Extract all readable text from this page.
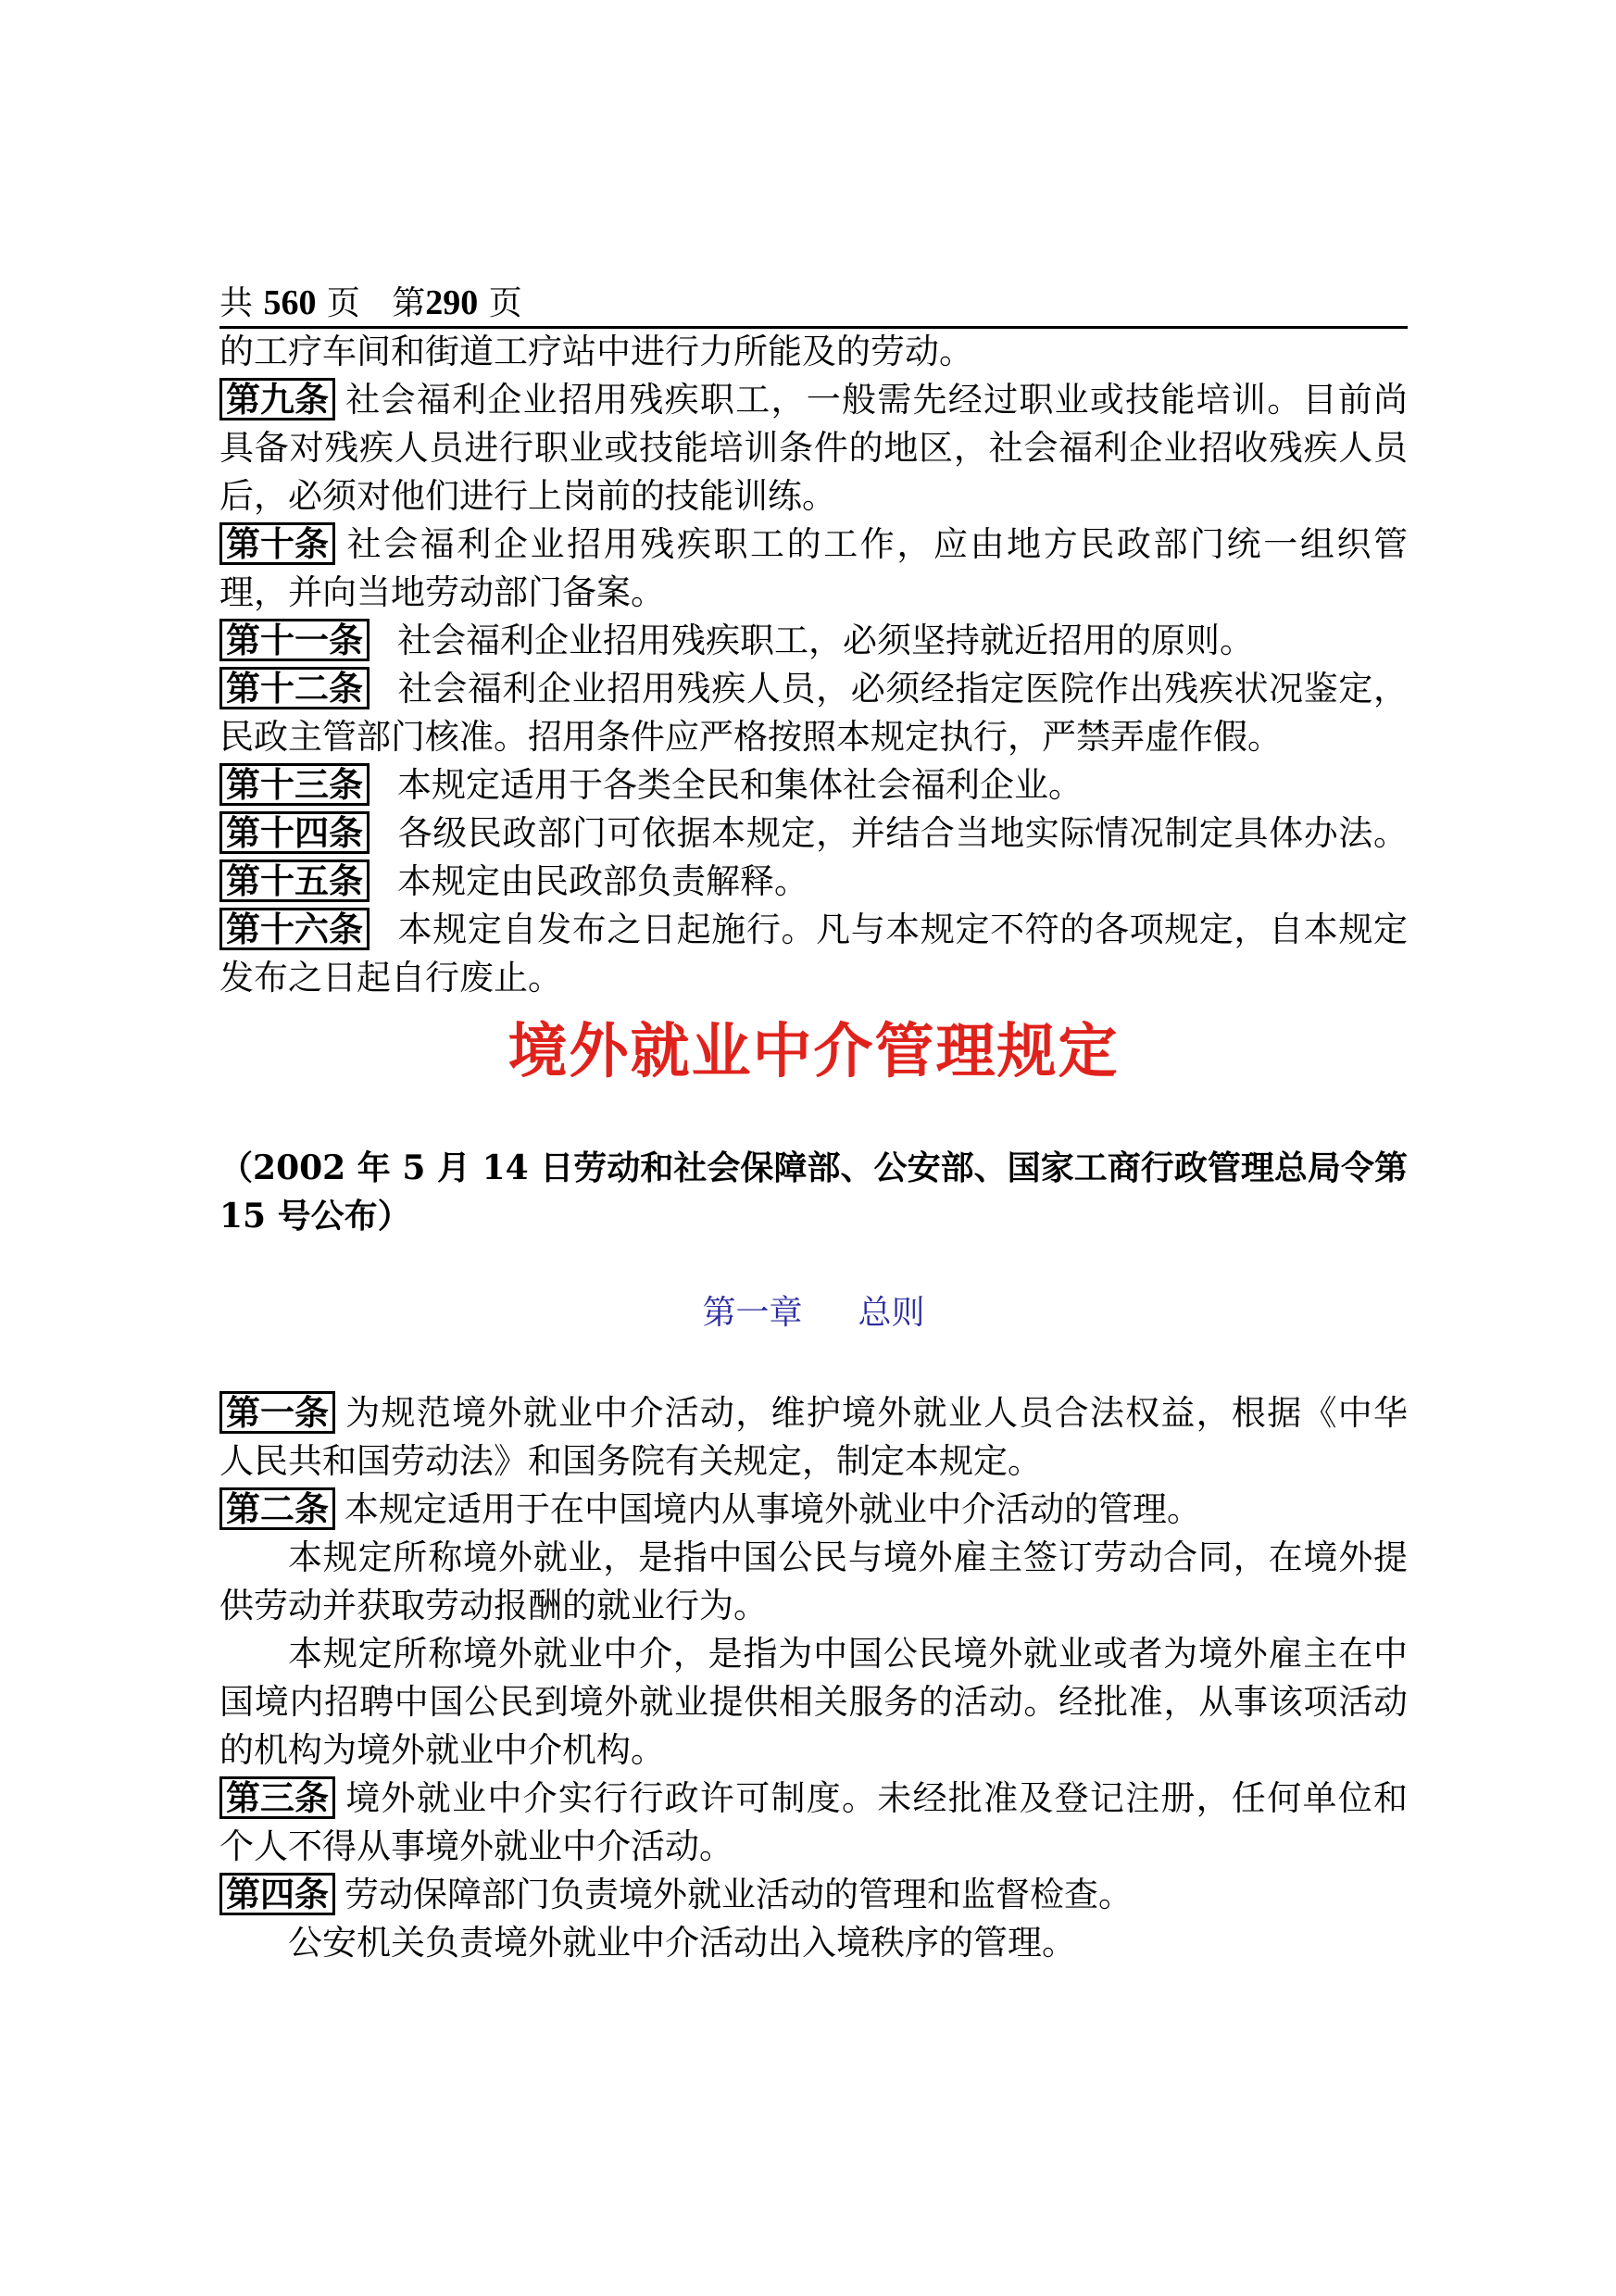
共 560 页 第290 页
的工疗车间和街道工疗站中进行力所能及的劳动。
第九条 社会福利企业招用残疾职工，一般需先经过职业或技能培训。目前尚
具备对残疾人员进行职业或技能培训条件的地区，社会福利企业招收残疾人员
后，必须对他们进行上岗前的技能训练。
第十条 社会福利企业招用残疾职工的工作，应由地方民政部门统一组织管
理，并向当地劳动部门备案。
第十一条 社会福利企业招用残疾职工，必须坚持就近招用的原则。
第十二条 社会福利企业招用残疾人员，必须经指定医院作出残疾状况鉴定，
民政主管部门核准。招用条件应严格按照本规定执行，严禁弄虚作假。
第十三条 本规定适用于各类全民和集体社会福利企业。
第十四条 各级民政部门可依据本规定，并结合当地实际情况制定具体办法。
第十五条 本规定由民政部负责解释。
第十六条 本规定自发布之日起施行。凡与本规定不符的各项规定，自本规定
发布之日起自行废止。
境外就业中介管理规定
（2002 年 5 月 14 日劳动和社会保障部、公安部、国家工商行政管理总局令第
15 号公布）
第一章 总则
第一条 为规范境外就业中介活动，维护境外就业人员合法权益，根据《中华
人民共和国劳动法》和国务院有关规定，制定本规定。
第二条 本规定适用于在中国境内从事境外就业中介活动的管理。
本规定所称境外就业，是指中国公民与境外雇主签订劳动合同，在境外提
供劳动并获取劳动报酬的就业行为。
本规定所称境外就业中介，是指为中国公民境外就业或者为境外雇主在中
国境内招聘中国公民到境外就业提供相关服务的活动。经批准，从事该项活动
的机构为境外就业中介机构。
第三条 境外就业中介实行行政许可制度。未经批准及登记注册，任何单位和
个人不得从事境外就业中介活动。
第四条 劳动保障部门负责境外就业活动的管理和监督检查。
公安机关负责境外就业中介活动出入境秩序的管理。
